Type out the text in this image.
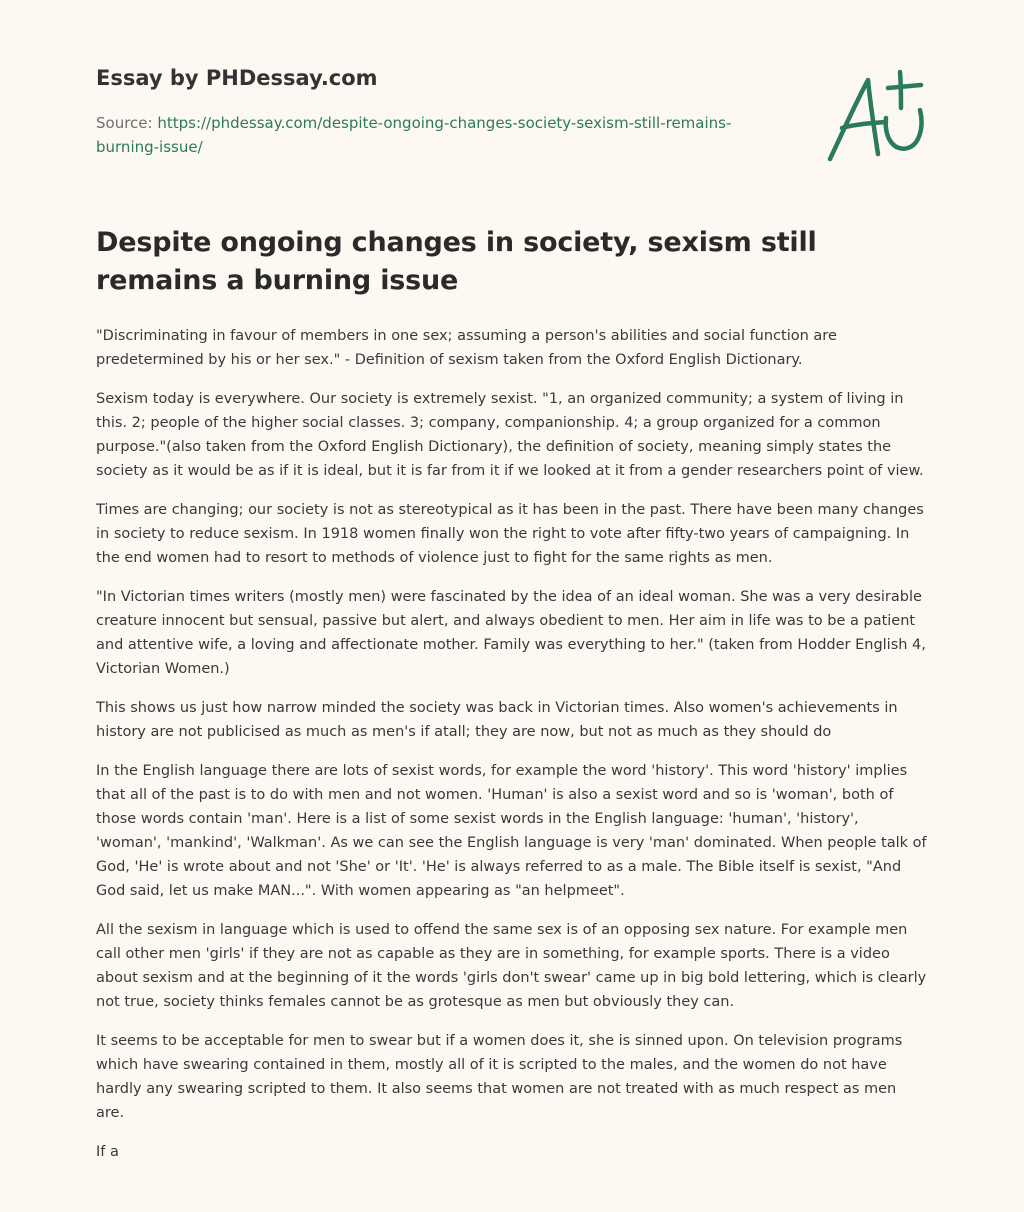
Essay by PHDessay.com
Source: https://phdessay.com/despite-ongoing-changes-society-sexism-still-remains-burning-issue/
Despite ongoing changes in society, sexism still remains a burning issue

"Discriminating in favour of members in one sex; assuming a person's abilities and social function are predetermined by his or her sex." - Definition of sexism taken from the Oxford English Dictionary.

Sexism today is everywhere. Our society is extremely sexist. "1, an organized community; a system of living in this. 2; people of the higher social classes. 3; company, companionship. 4; a group organized for a common purpose."(also taken from the Oxford English Dictionary), the definition of society, meaning simply states the society as it would be as if it is ideal, but it is far from it if we looked at it from a gender researchers point of view.

Times are changing; our society is not as stereotypical as it has been in the past. There have been many changes in society to reduce sexism. In 1918 women finally won the right to vote after fifty-two years of campaigning. In the end women had to resort to methods of violence just to fight for the same rights as men.

"In Victorian times writers (mostly men) were fascinated by the idea of an ideal woman. She was a very desirable creature innocent but sensual, passive but alert, and always obedient to men. Her aim in life was to be a patient and attentive wife, a loving and affectionate mother. Family was everything to her." (taken from Hodder English 4, Victorian Women.)

This shows us just how narrow minded the society was back in Victorian times. Also women's achievements in history are not publicised as much as men's if atall; they are now, but not as much as they should do

In the English language there are lots of sexist words, for example the word 'history'. This word 'history' implies that all of the past is to do with men and not women. 'Human' is also a sexist word and so is 'woman', both of those words contain 'man'. Here is a list of some sexist words in the English language: 'human', 'history', 'woman', 'mankind', 'Walkman'. As we can see the English language is very 'man' dominated. When people talk of God, 'He' is wrote about and not 'She' or 'It'. 'He' is always referred to as a male. The Bible itself is sexist, "And God said, let us make MAN...". With women appearing as "an helpmeet".

All the sexism in language which is used to offend the same sex is of an opposing sex nature. For example men call other men 'girls' if they are not as capable as they are in something, for example sports. There is a video about sexism and at the beginning of it the words 'girls don't swear' came up in big bold lettering, which is clearly not true, society thinks females cannot be as grotesque as men but obviously they can.

It seems to be acceptable for men to swear but if a women does it, she is sinned upon. On television programs which have swearing contained in them, mostly all of it is scripted to the males, and the women do not have hardly any swearing scripted to them. It also seems that women are not treated with as much respect as men are.

If a
